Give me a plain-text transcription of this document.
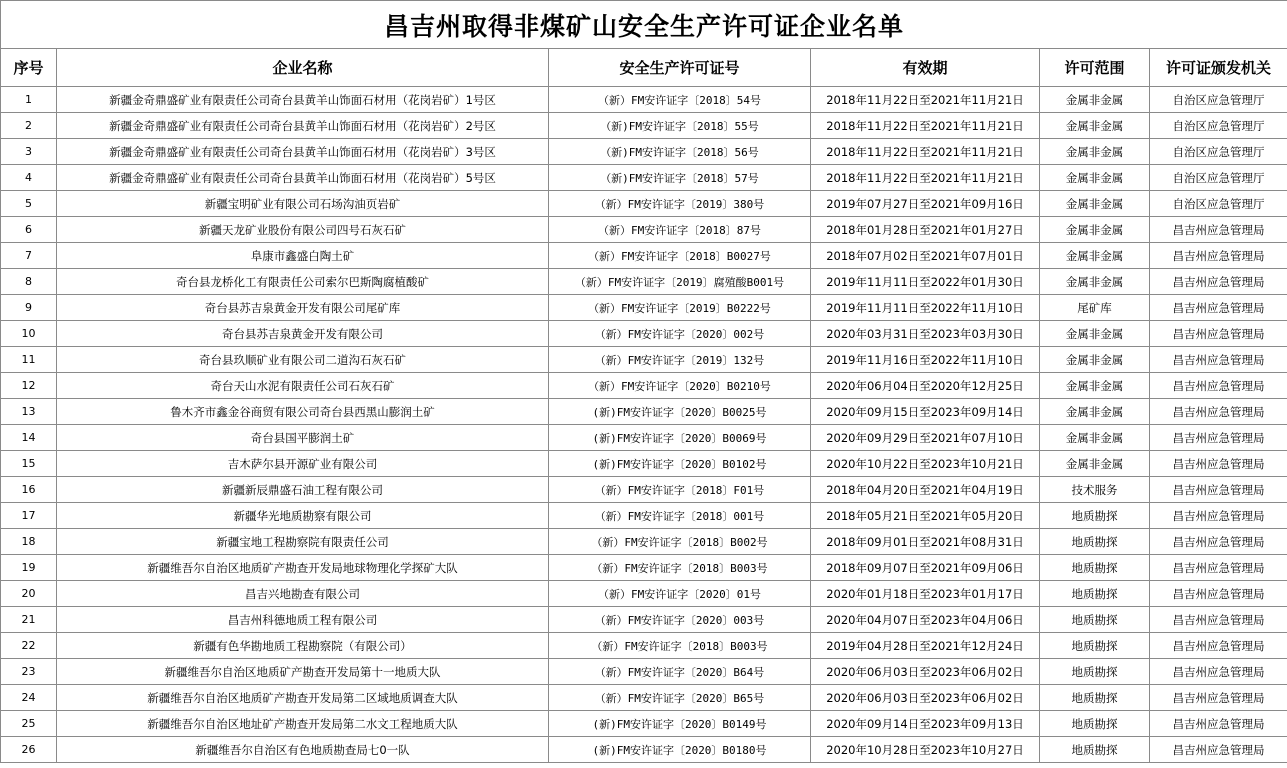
昌吉州取得非煤矿山安全生产许可证企业名单					
序号	企业名称	安全生产许可证号	有效期	许可范围	许可证颁发机关
1	新疆金奇鼎盛矿业有限责任公司奇台县黄羊山饰面石材用（花岗岩矿）1号区	（新）FM安许证字〔2018〕54号	2018年11月22日至2021年11月21日	金属非金属	自治区应急管理厅
2	新疆金奇鼎盛矿业有限责任公司奇台县黄羊山饰面石材用（花岗岩矿）2号区	（新)FM安许证字〔2018〕55号	2018年11月22日至2021年11月21日	金属非金属	自治区应急管理厅
3	新疆金奇鼎盛矿业有限责任公司奇台县黄羊山饰面石材用（花岗岩矿）3号区	（新)FM安许证字〔2018〕56号	2018年11月22日至2021年11月21日	金属非金属	自治区应急管理厅
4	新疆金奇鼎盛矿业有限责任公司奇台县黄羊山饰面石材用（花岗岩矿）5号区	（新)FM安许证字〔2018〕57号	2018年11月22日至2021年11月21日	金属非金属	自治区应急管理厅
5	新疆宝明矿业有限公司石场沟油页岩矿	（新）FM安许证字〔2019〕380号	2019年07月27日至2021年09月16日	金属非金属	自治区应急管理厅
6	新疆天龙矿业股份有限公司四号石灰石矿	（新）FM安许证字〔2018〕87号	2018年01月28日至2021年01月27日	金属非金属	昌吉州应急管理局
7	阜康市鑫盛白陶土矿	（新）FM安许证字〔2018〕B0027号	2018年07月02日至2021年07月01日	金属非金属	昌吉州应急管理局
8	奇台县龙桥化工有限责任公司索尔巴斯陶腐植酸矿	（新）FM安许证字〔2019〕腐殖酸B001号	2019年11月11日至2022年01月30日	金属非金属	昌吉州应急管理局
9	奇台县苏吉泉黄金开发有限公司尾矿库	（新）FM安许证字〔2019〕B0222号	2019年11月11日至2022年11月10日	尾矿库	昌吉州应急管理局
10	奇台县苏吉泉黄金开发有限公司	（新）FM安许证字〔2020〕002号	2020年03月31日至2023年03月30日	金属非金属	昌吉州应急管理局
11	奇台县玖顺矿业有限公司二道沟石灰石矿	（新）FM安许证字〔2019〕132号	2019年11月16日至2022年11月10日	金属非金属	昌吉州应急管理局
12	奇台天山水泥有限责任公司石灰石矿	（新）FM安许证字〔2020〕B0210号	2020年06月04日至2020年12月25日	金属非金属	昌吉州应急管理局
13	鲁木齐市鑫金谷商贸有限公司奇台县西黑山膨润土矿	(新)FM安许证字〔2020〕B0025号	2020年09月15日至2023年09月14日	金属非金属	昌吉州应急管理局
14	奇台县国平膨润土矿	(新)FM安许证字〔2020〕B0069号	2020年09月29日至2021年07月10日	金属非金属	昌吉州应急管理局
15	吉木萨尔县开源矿业有限公司	(新)FM安许证字〔2020〕B0102号	2020年10月22日至2023年10月21日	金属非金属	昌吉州应急管理局
16	新疆新辰鼎盛石油工程有限公司	（新）FM安许证字〔2018〕F01号	2018年04月20日至2021年04月19日	技术服务	昌吉州应急管理局
17	新疆华光地质勘察有限公司	（新）FM安许证字〔2018〕001号	2018年05月21日至2021年05月20日	地质勘探	昌吉州应急管理局
18	新疆宝地工程勘察院有限责任公司	（新）FM安许证字〔2018〕B002号	2018年09月01日至2021年08月31日	地质勘探	昌吉州应急管理局
19	新疆维吾尔自治区地质矿产勘查开发局地球物理化学探矿大队	（新）FM安许证字〔2018〕B003号	2018年09月07日至2021年09月06日	地质勘探	昌吉州应急管理局
20	昌吉兴地勘查有限公司	（新）FM安许证字〔2020〕01号	2020年01月18日至2023年01月17日	地质勘探	昌吉州应急管理局
21	昌吉州科德地质工程有限公司	（新）FM安许证字〔2020〕003号	2020年04月07日至2023年04月06日	地质勘探	昌吉州应急管理局
22	新疆有色华勘地质工程勘察院（有限公司）	（新）FM安许证字〔2018〕B003号	2019年04月28日至2021年12月24日	地质勘探	昌吉州应急管理局
23	新疆维吾尔自治区地质矿产勘查开发局第十一地质大队	（新）FM安许证字〔2020〕B64号	2020年06月03日至2023年06月02日	地质勘探	昌吉州应急管理局
24	新疆维吾尔自治区地质矿产勘查开发局第二区域地质调查大队	（新）FM安许证字〔2020〕B65号	2020年06月03日至2023年06月02日	地质勘探	昌吉州应急管理局
25	新疆维吾尔自治区地址矿产勘查开发局第二水文工程地质大队	(新)FM安许证字〔2020〕B0149号	2020年09月14日至2023年09月13日	地质勘探	昌吉州应急管理局
26	新疆维吾尔自治区有色地质勘查局七0一队	(新)FM安许证字〔2020〕B0180号	2020年10月28日至2023年10月27日	地质勘探	昌吉州应急管理局
